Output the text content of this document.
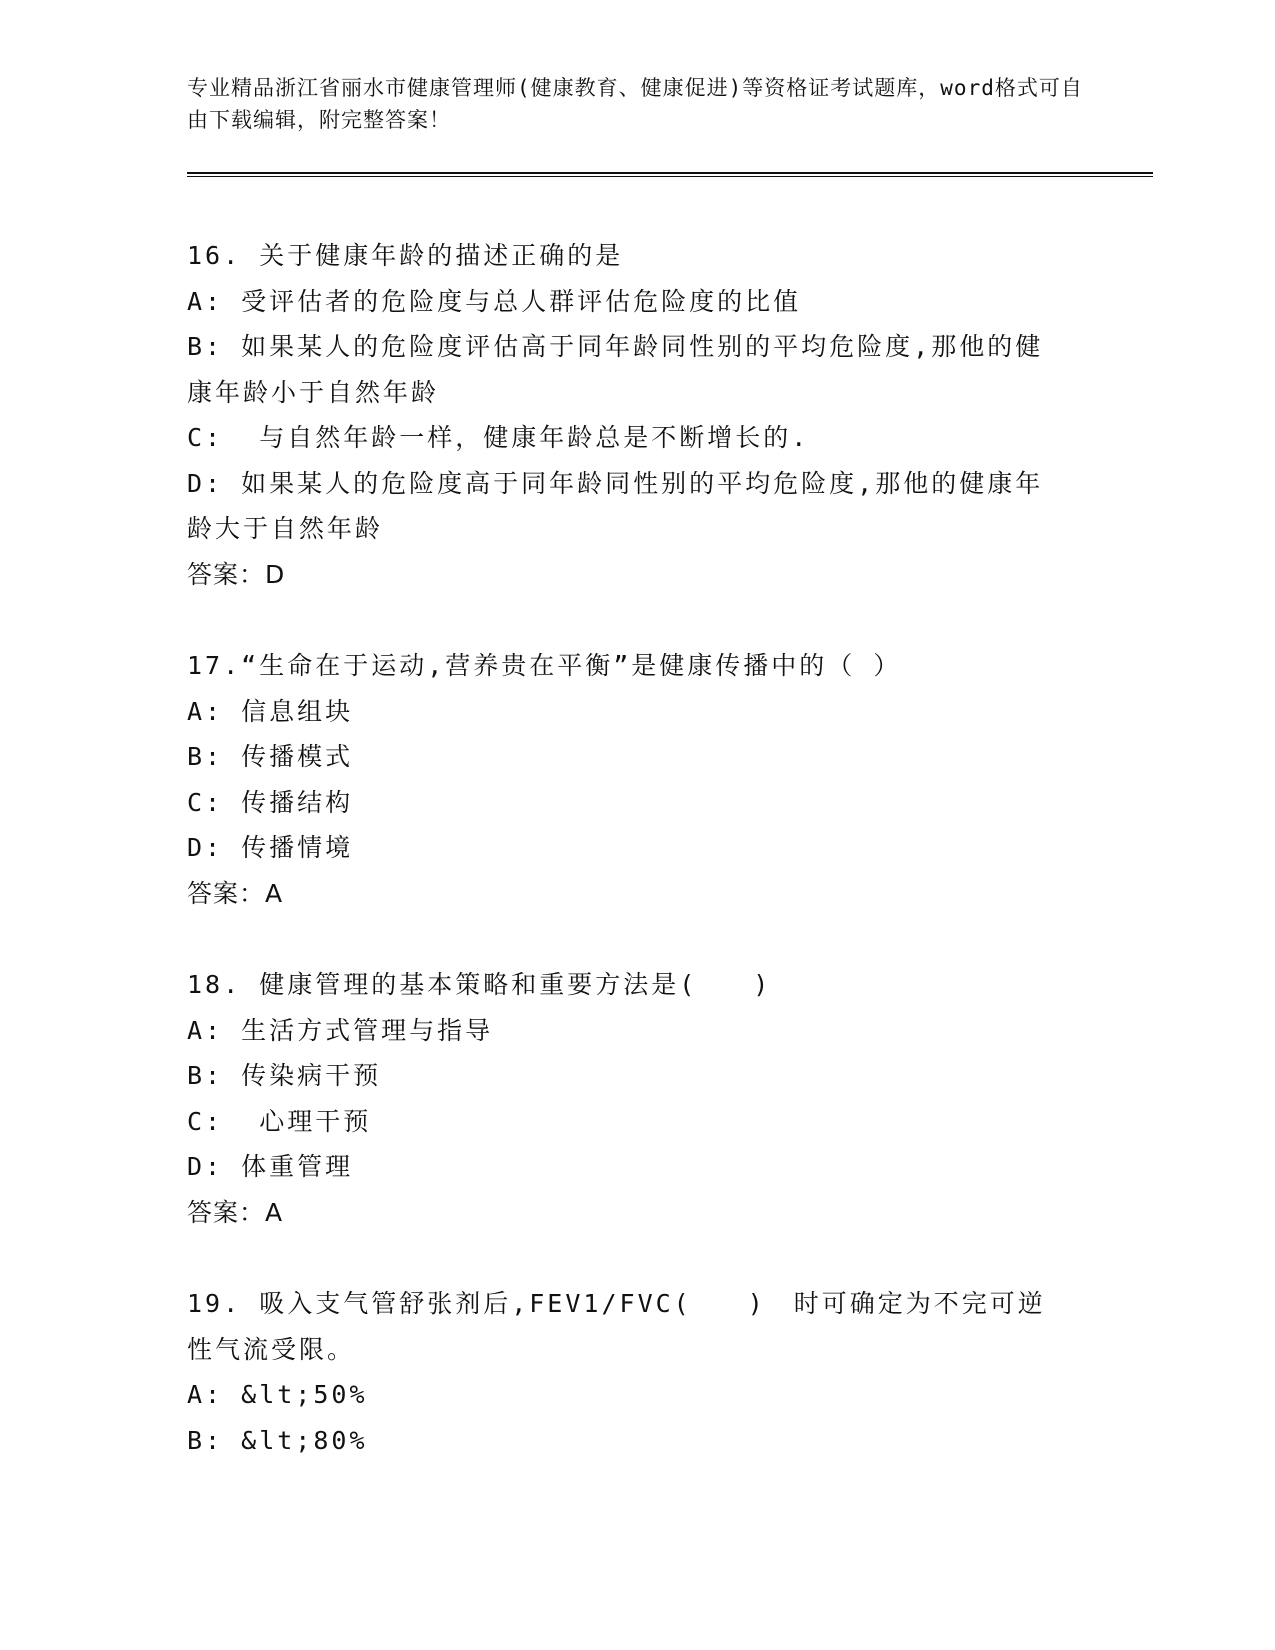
专业精品浙江省丽水市健康管理师(健康教育、健康促进)等资格证考试题库，word格式可自由下载编辑，附完整答案！
16. 关于健康年龄的描述正确的是
A: 受评估者的危险度与总人群评估危险度的比值
B: 如果某人的危险度评估高于同年龄同性别的平均危险度,那他的健康年龄小于自然年龄
C:  与自然年龄一样，健康年龄总是不断增长的.
D: 如果某人的危险度高于同年龄同性别的平均危险度,那他的健康年龄大于自然年龄
答案：D
17.“生命在于运动,营养贵在平衡”是健康传播中的（ ）
A: 信息组块
B: 传播模式
C: 传播结构
D: 传播情境
答案：A
18. 健康管理的基本策略和重要方法是(　　)
A: 生活方式管理与指导
B: 传染病干预
C:  心理干预
D: 体重管理
答案：A
19. 吸入支气管舒张剂后,FEV1/FVC(　　)　时可确定为不完可逆性气流受限。
A: &lt;50%
B: &lt;80%
